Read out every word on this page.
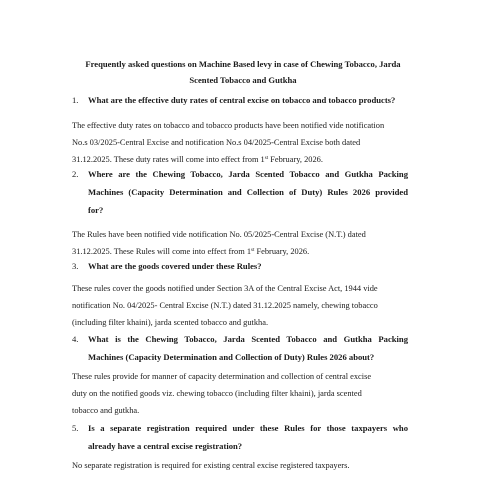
Frequently asked questions on Machine Based levy in case of Chewing Tobacco, Jarda
Scented Tobacco and Gutkha
1. What are the effective duty rates of central excise on tobacco and tobacco products?
The effective duty rates on tobacco and tobacco products have been notified vide notification
No.s 03/2025-Central Excise and notification No.s 04/2025-Central Excise both dated
31.12.2025. These duty rates will come into effect from 1st February, 2026.
2. Where are the Chewing Tobacco, Jarda Scented Tobacco and Gutkha Packing
Machines (Capacity Determination and Collection of Duty) Rules 2026 provided
for?
The Rules have been notified vide notification No. 05/2025-Central Excise (N.T.) dated
31.12.2025. These Rules will come into effect from 1st February, 2026.
3. What are the goods covered under these Rules?
These rules cover the goods notified under Section 3A of the Central Excise Act, 1944 vide
notification No. 04/2025- Central Excise (N.T.) dated 31.12.2025 namely, chewing tobacco
(including filter khaini), jarda scented tobacco and gutkha.
4. What is the Chewing Tobacco, Jarda Scented Tobacco and Gutkha Packing
Machines (Capacity Determination and Collection of Duty) Rules 2026 about?
These rules provide for manner of capacity determination and collection of central excise
duty on the notified goods viz. chewing tobacco (including filter khaini), jarda scented
tobacco and gutkha.
5. Is a separate registration required under these Rules for those taxpayers who
already have a central excise registration?
No separate registration is required for existing central excise registered taxpayers.
